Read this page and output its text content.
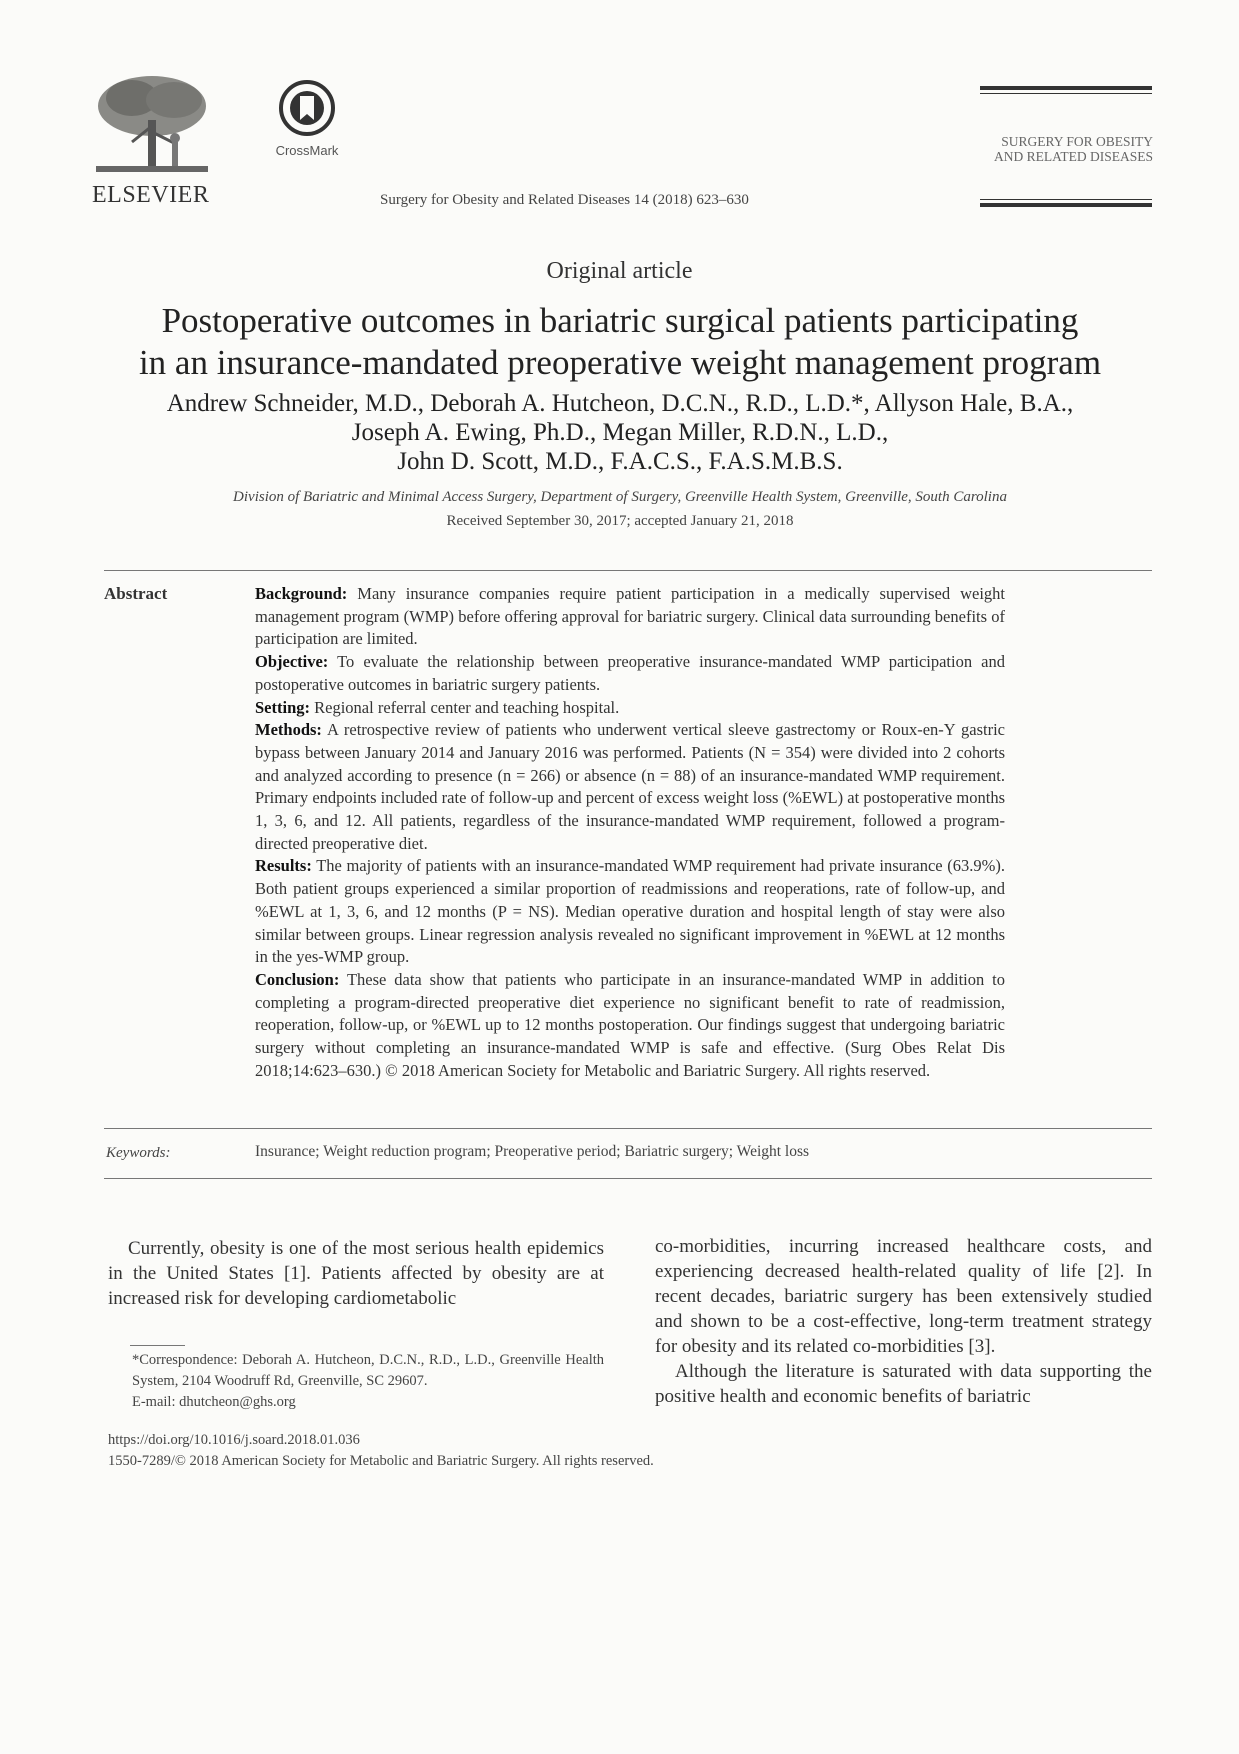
ELSEVIER
CrossMark
Surgery for Obesity and Related Diseases 14 (2018) 623–630
SURGERY FOR OBESITY
AND RELATED DISEASES
Original article
Postoperative outcomes in bariatric surgical patients participating
in an insurance-mandated preoperative weight management program
Andrew Schneider, M.D., Deborah A. Hutcheon, D.C.N., R.D., L.D.*, Allyson Hale, B.A.,
Joseph A. Ewing, Ph.D., Megan Miller, R.D.N., L.D.,
John D. Scott, M.D., F.A.C.S., F.A.S.M.B.S.
Division of Bariatric and Minimal Access Surgery, Department of Surgery, Greenville Health System, Greenville, South Carolina
Received September 30, 2017; accepted January 21, 2018
Abstract	Background: Many insurance companies require patient participation in a medically supervised weight management program (WMP) before offering approval for bariatric surgery. Clinical data surrounding benefits of participation are limited.

Objective: To evaluate the relationship between preoperative insurance-mandated WMP participation and postoperative outcomes in bariatric surgery patients.

Setting: Regional referral center and teaching hospital.

Methods: A retrospective review of patients who underwent vertical sleeve gastrectomy or Roux-en-Y gastric bypass between January 2014 and January 2016 was performed. Patients (N = 354) were divided into 2 cohorts and analyzed according to presence (n = 266) or absence (n = 88) of an insurance-mandated WMP requirement. Primary endpoints included rate of follow-up and percent of excess weight loss (%EWL) at postoperative months 1, 3, 6, and 12. All patients, regardless of the insurance-mandated WMP requirement, followed a program-directed preoperative diet.

Results: The majority of patients with an insurance-mandated WMP requirement had private insurance (63.9%). Both patient groups experienced a similar proportion of readmissions and reoperations, rate of follow-up, and %EWL at 1, 3, 6, and 12 months (P = NS). Median operative duration and hospital length of stay were also similar between groups. Linear regression analysis revealed no significant improvement in %EWL at 12 months in the yes-WMP group.

Conclusion: These data show that patients who participate in an insurance-mandated WMP in addition to completing a program-directed preoperative diet experience no significant benefit to rate of readmission, reoperation, follow-up, or %EWL up to 12 months postoperation. Our findings suggest that undergoing bariatric surgery without completing an insurance-mandated WMP is safe and effective. (Surg Obes Relat Dis 2018;14:623–630.) © 2018 American Society for Metabolic and Bariatric Surgery. All rights reserved.

Keywords:	Insurance; Weight reduction program; Preoperative period; Bariatric surgery; Weight loss

Currently, obesity is one of the most serious health epidemics in the United States [1]. Patients affected by obesity are at increased risk for developing cardiometabolic

co-morbidities, incurring increased healthcare costs, and experiencing decreased health-related quality of life [2]. In recent decades, bariatric surgery has been extensively studied and shown to be a cost-effective, long-term treatment strategy for obesity and its related co-morbidities [3].

Although the literature is saturated with data supporting the positive health and economic benefits of bariatric

*Correspondence: Deborah A. Hutcheon, D.C.N., R.D., L.D., Greenville Health System, 2104 Woodruff Rd, Greenville, SC 29607.
E-mail: dhutcheon@ghs.org
https://doi.org/10.1016/j.soard.2018.01.036
1550-7289/© 2018 American Society for Metabolic and Bariatric Surgery. All rights reserved.
